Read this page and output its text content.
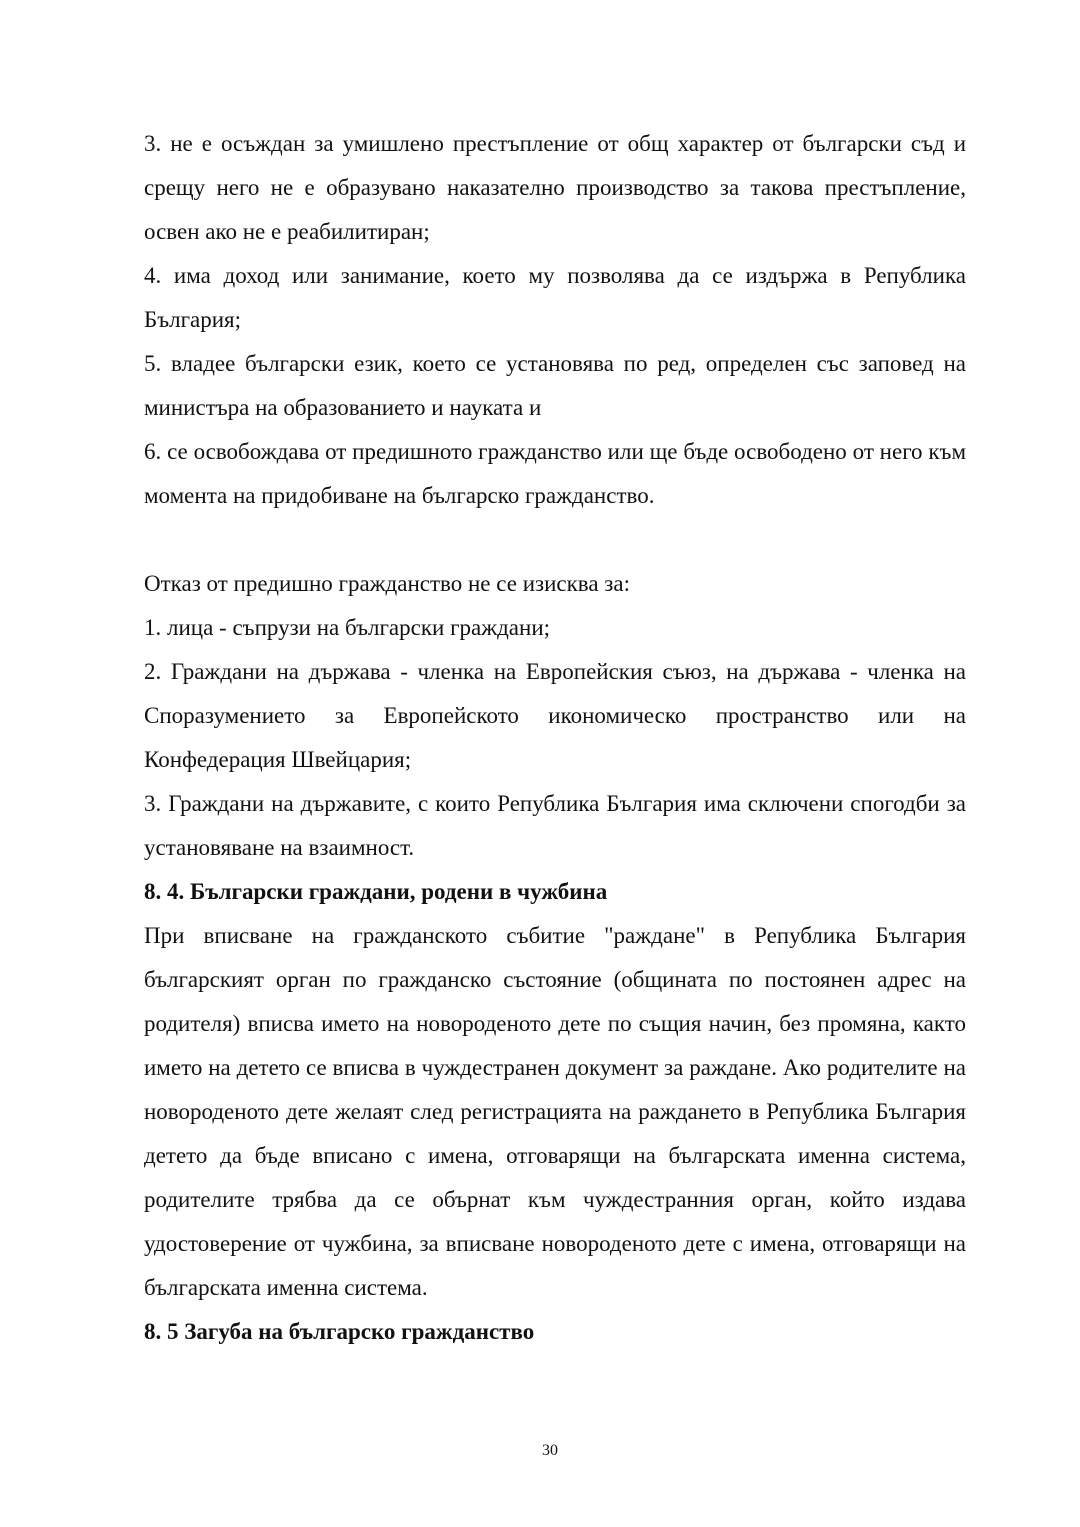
3. не е осъждан за умишлено престъпление от общ характер от български съд и срещу него не е образувано наказателно производство за такова престъпление, освен ако не е реабилитиран;

4. има доход или занимание, което му позволява да се издържа в Република България;

5. владее български език, което се установява по ред, определен със заповед на министъра на образованието и науката и

6. се освобождава от предишното гражданство или ще бъде освободено от него към момента на придобиване на българско гражданство.

Отказ от предишно гражданство не се изисква за:

1. лица - съпрузи на български граждани;

2. Граждани на държава - членка на Европейския съюз, на държава - членка на Споразумението за Европейското икономическо пространство или на Конфедерация Швейцария;

3. Граждани на държавите, с които Република България има сключени спогодби за установяване на взаимност.

8. 4. Български граждани, родени в чужбина

При вписване на гражданското събитие "раждане" в Република България българският орган по гражданско състояние (общината по постоянен адрес на родителя) вписва името на новороденото дете по същия начин, без промяна, както името на детето се вписва в чуждестранен документ за раждане. Ако родителите на новороденото дете желаят след регистрацията на раждането в Република България детето да бъде вписано с имена, отговарящи на българската именна система, родителите трябва да се обърнат към чуждестранния орган, който издава удостоверение от чужбина, за вписване новороденото дете с имена, отговарящи на българската именна система.

8. 5 Загуба на българско гражданство

30
